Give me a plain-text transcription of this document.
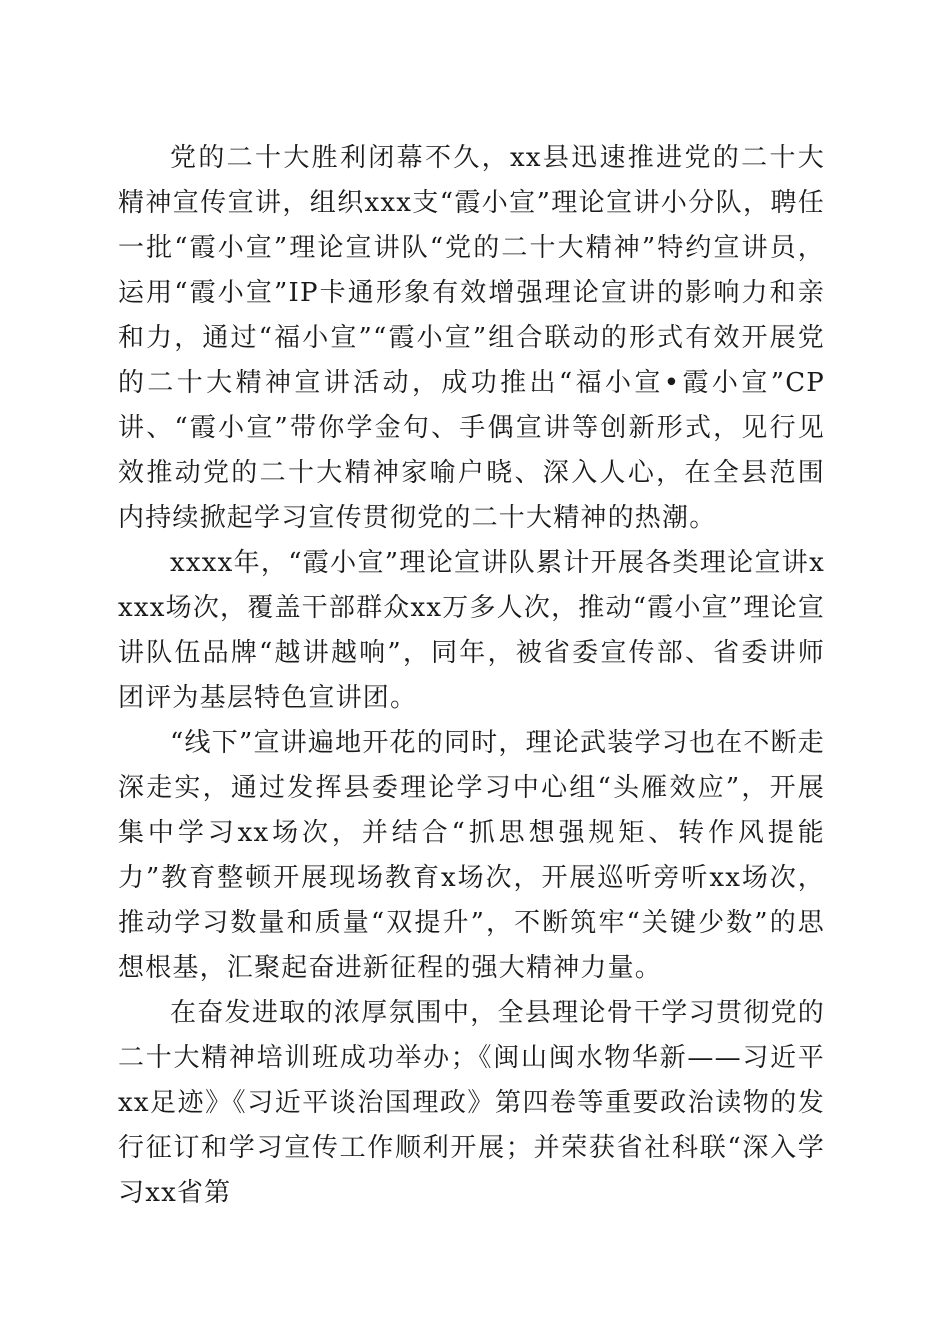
党的二十大胜利闭幕不久，xx县迅速推进党的二十大精神宣传宣讲，组织xxx支“霞小宣”理论宣讲小分队，聘任一批“霞小宣”理论宣讲队“党的二十大精神”特约宣讲员，运用“霞小宣”IP卡通形象有效增强理论宣讲的影响力和亲和力，通过“福小宣”“霞小宣”组合联动的形式有效开展党的二十大精神宣讲活动，成功推出“福小宣•霞小宣”CP讲、“霞小宣”带你学金句、手偶宣讲等创新形式，见行见效推动党的二十大精神家喻户晓、深入人心，在全县范围内持续掀起学习宣传贯彻党的二十大精神的热潮。

xxxx年，“霞小宣”理论宣讲队累计开展各类理论宣讲xxxx场次，覆盖干部群众xx万多人次，推动“霞小宣”理论宣讲队伍品牌“越讲越响”，同年，被省委宣传部、省委讲师团评为基层特色宣讲团。

“线下”宣讲遍地开花的同时，理论武装学习也在不断走深走实，通过发挥县委理论学习中心组“头雁效应”，开展集中学习xx场次，并结合“抓思想强规矩、转作风提能力”教育整顿开展现场教育x场次，开展巡听旁听xx场次，推动学习数量和质量“双提升”，不断筑牢“关键少数”的思想根基，汇聚起奋进新征程的强大精神力量。

在奋发进取的浓厚氛围中，全县理论骨干学习贯彻党的二十大精神培训班成功举办；《闽山闽水物华新——习近平xx足迹》《习近平谈治国理政》第四卷等重要政治读物的发行征订和学习宣传工作顺利开展；并荣获省社科联“深入学习xx省第
